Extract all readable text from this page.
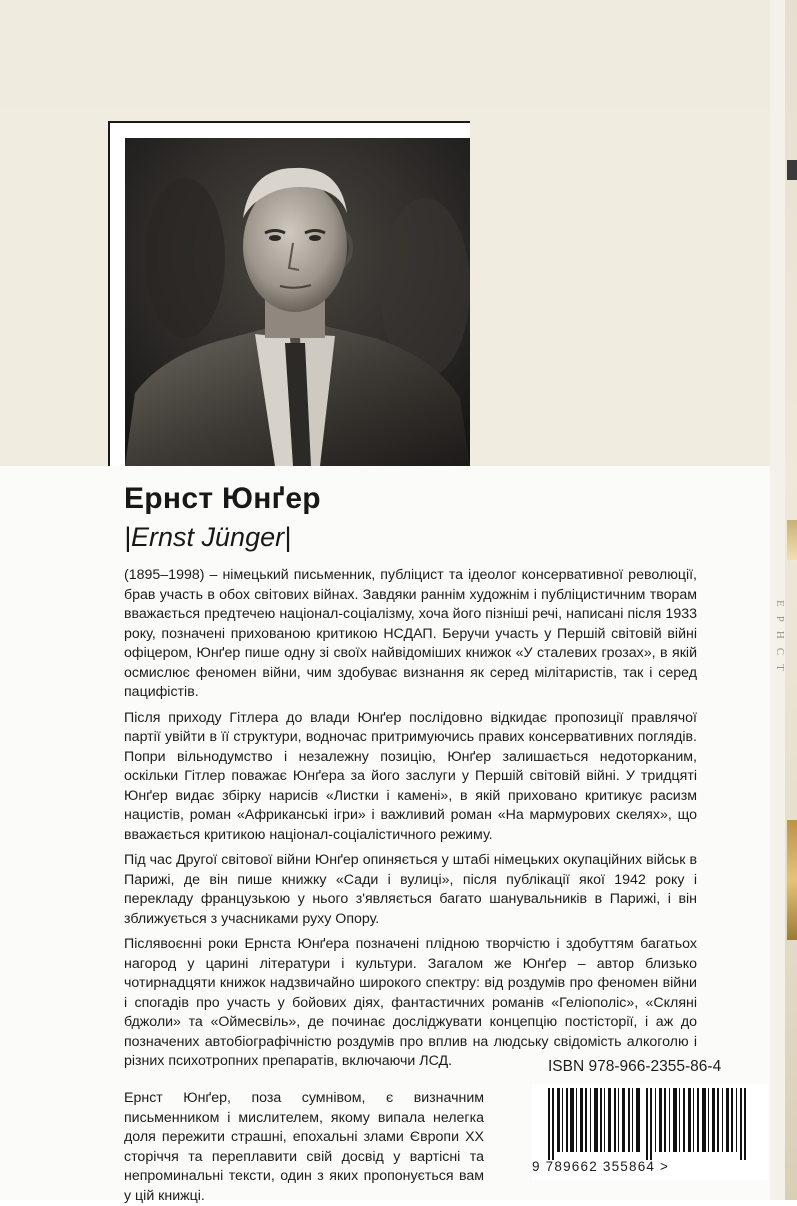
ЕРНСТ
Ернст Юнґер
|Ernst Jünger|

(1895–1998) – німецький письменник, публіцист та ідеолог консервативної революції, брав участь в обох світових війнах. Завдяки раннім художнім і публіцистичним творам вважається предтечею націонал-соціалізму, хоча його пізніші речі, написані після 1933 року, позначені прихованою критикою НСДАП. Беручи участь у Першій світовій війні офіцером, Юнґер пише одну зі своїх найвідоміших книжок «У сталевих грозах», в якій осмислює феномен війни, чим здобуває визнання як серед мілітаристів, так і серед пацифістів.

Після приходу Гітлера до влади Юнґер послідовно відкидає пропозиції правлячої партії увійти в її структури, водночас притримуючись правих консервативних поглядів. Попри вільнодумство і незалежну позицію, Юнґер залишається недоторканим, оскільки Гітлер поважає Юнґера за його заслуги у Першій світовій війні. У тридцяті Юнґер видає збірку нарисів «Листки і камені», в якій приховано критикує расизм нацистів, роман «Африканські ігри» і важливий роман «На мармурових скелях», що вважається критикою націонал-соціалістичного режиму.

Під час Другої світової війни Юнґер опиняється у штабі німецьких окупаційних військ в Парижі, де він пише книжку «Сади і вулиці», після публікації якої 1942 року і перекладу французькою у нього з'являється багато шанувальників в Парижі, і він зближується з учасниками руху Опору.

Післявоєнні роки Ернста Юнґера позначені плідною творчістю і здобуттям багатьох нагород у царині літератури і культури. Загалом же Юнґер – автор близько чотирнадцяти книжок надзвичайно широкого спектру: від роздумів про феномен війни і спогадів про участь у бойових діях, фантастичних романів «Геліополіс», «Скляні бджоли» та «Оймесвіль», де починає досліджувати концепцію постісторії, і аж до позначених автобіографічністю роздумів про вплив на людську свідомість алкоголю і різних психотропних препаратів, включаючи ЛСД.	ISBN 978-966-2355-86-4
Ернст Юнґер, поза сумнівом, є визначним письменником і мислителем, якому випала нелегка доля пережити страшні, епохальні злами Європи ХХ сторіччя та переплавити свій досвід у вартісні та непроминальні тексти, один з яких пропонується вам у цій книжці.
9 789662 355864 >
